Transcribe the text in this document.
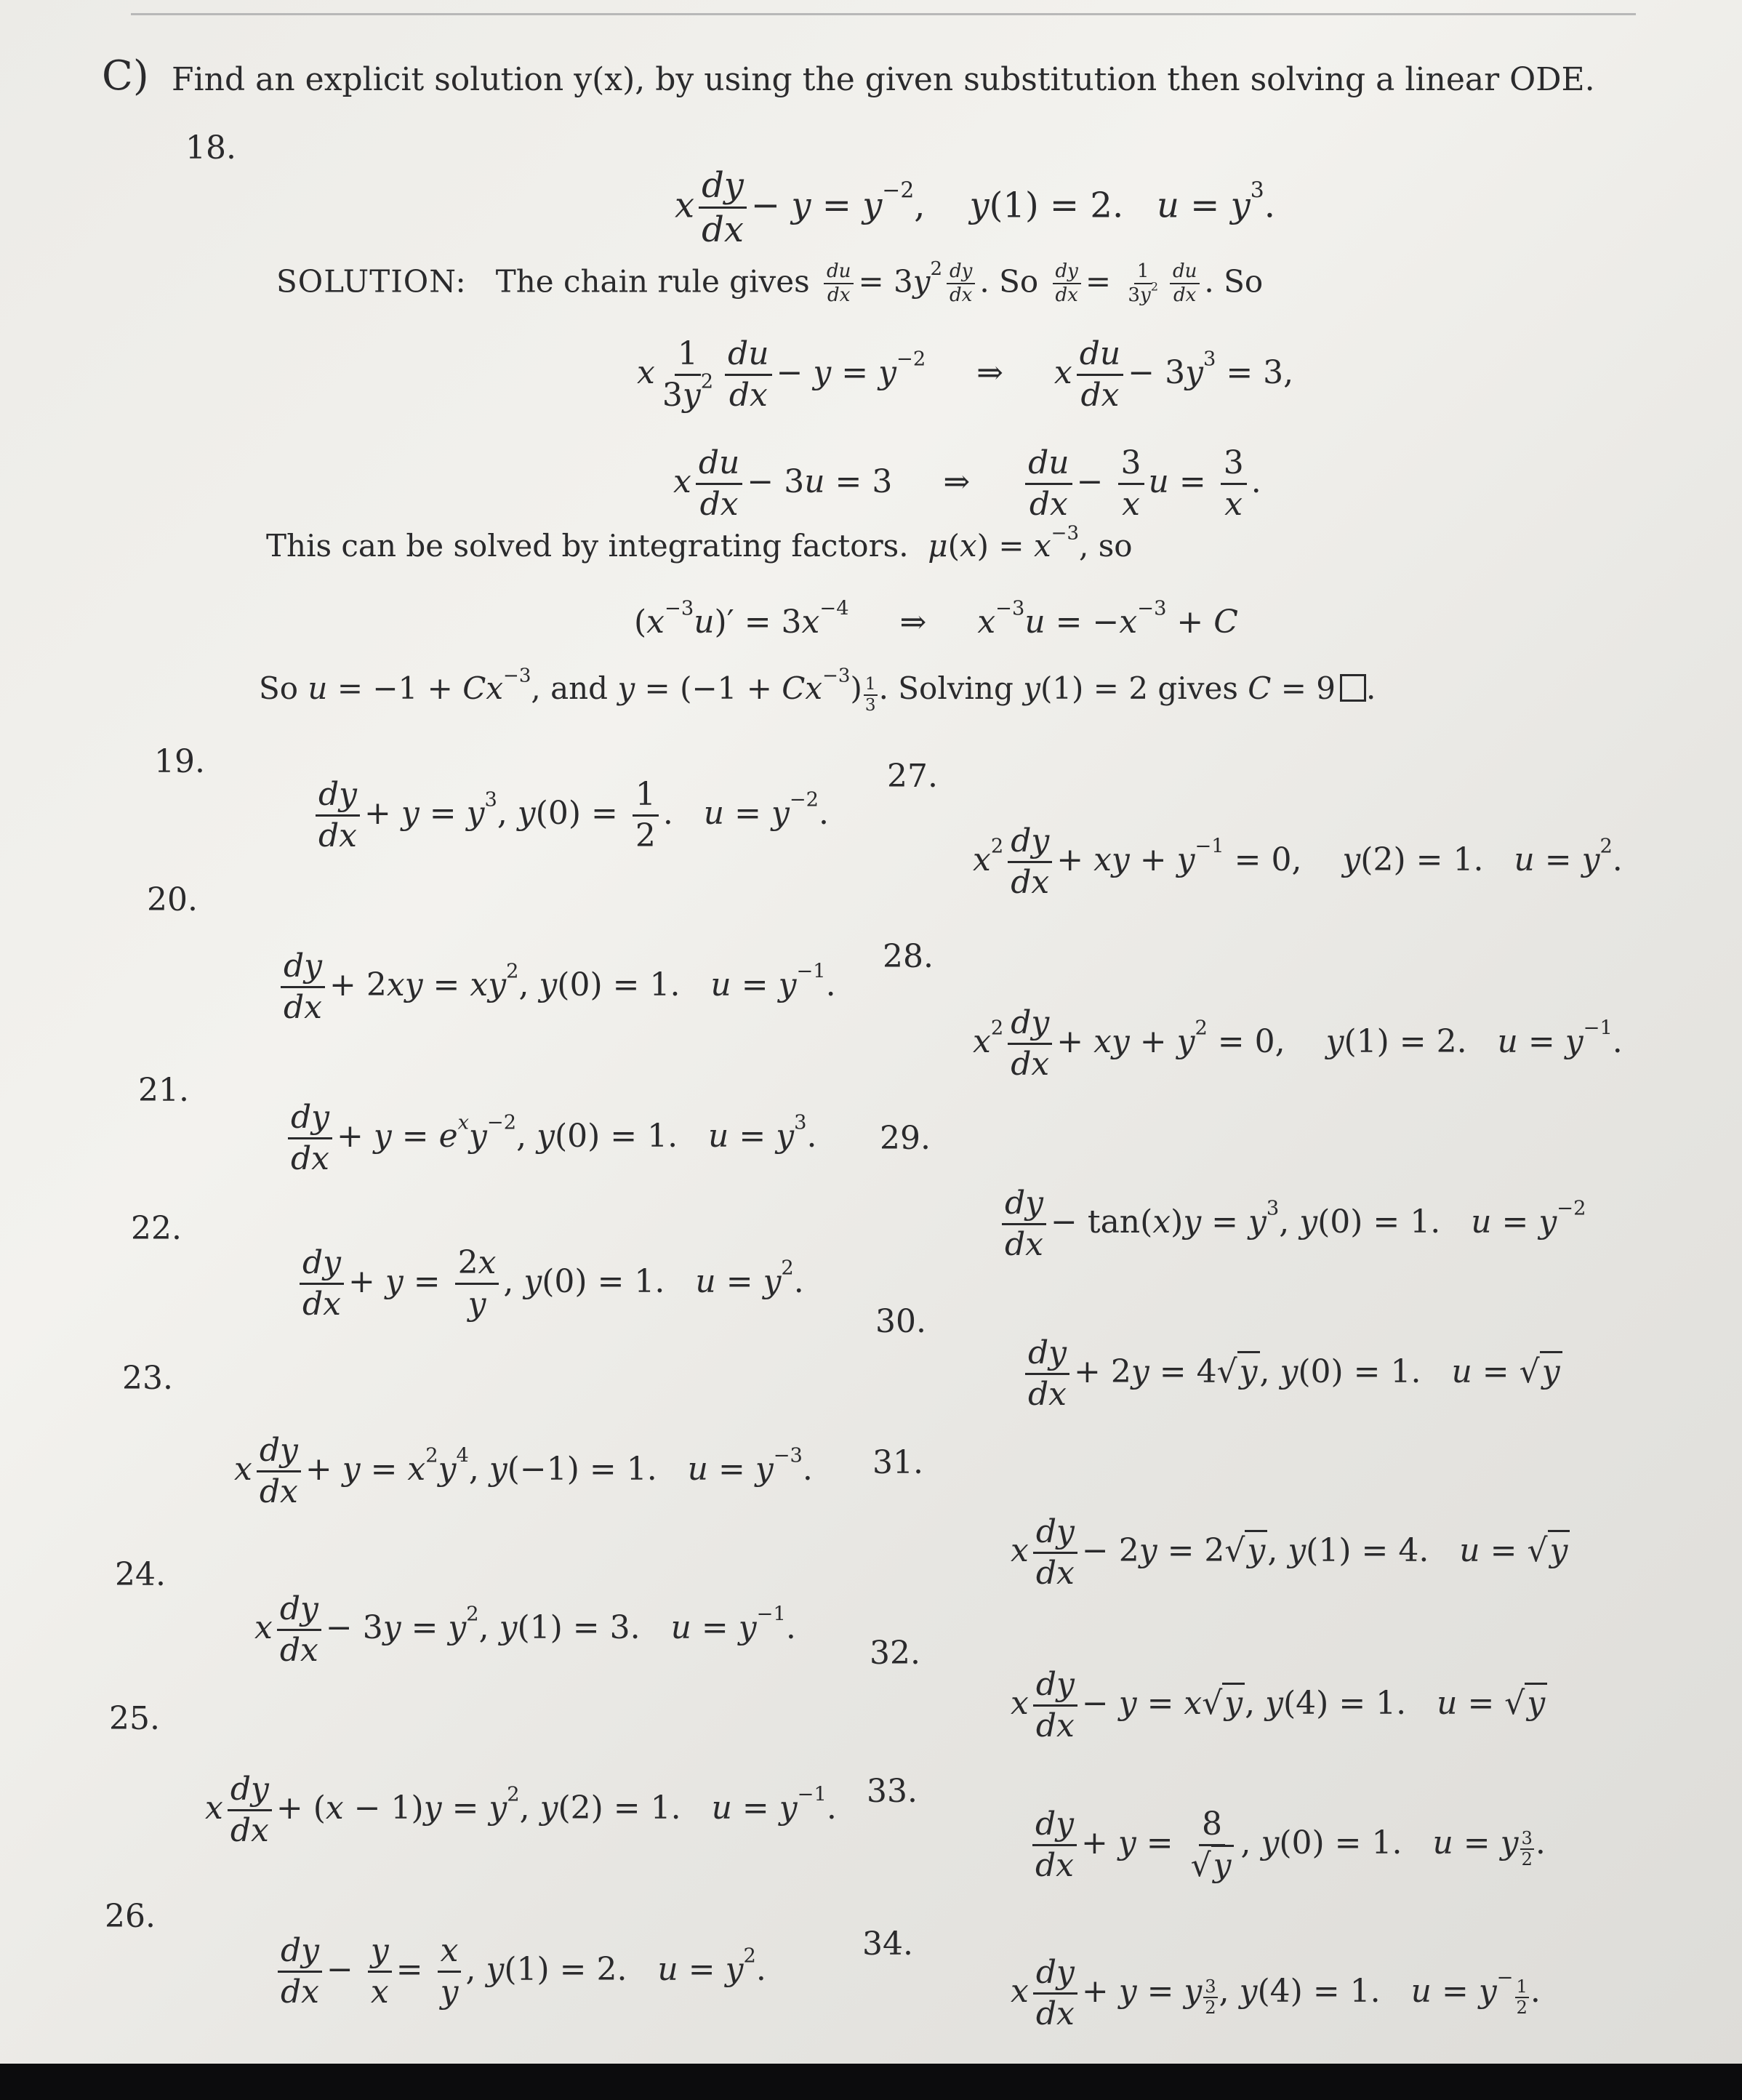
C) Find an explicit solution y(x), by using the given substitution then solving a linear ODE.
18.
x $\frac{dy}{dx} - y = y^{-2}$,    y(1) = 2.   $u = y^3$.
SOLUTION: The chain rule gives $\frac{du}{dx} = 3y^2 \frac{dy}{dx}$ . So $\frac{dy}{dx} = \frac{1}{3y^2} \frac{du}{dx}$ . So
x $\frac{1}{3y^2} \frac{du}{dx} - y = y^{-2}$     ⇒     x $\frac{du}{dx} - 3y^3 = 3$,
x $\frac{du}{dx} - 3u = 3$     ⇒ $\frac{du}{dx} - \frac{3}{x}$ $u = \frac{3}{x}$ .
This can be solved by integrating factors. $\mu(x) = x^{-3}$, so
$(x^{-3}u)' = 3x^{-4}$     ⇒     $x^{-3}u = -x^{-3} + C$
So $u = -1 + Cx^{-3}$, and $y = (-1 + Cx^{-3}) \frac{1}{3}$ . Solving y(1) = 2 gives C = 9 .
19.
20.
21.
22.
23.
24.
25.
26.
27.
28.
29.
30.
31.
32.
33.
34.
$\frac{dy}{dx} + y = y^3$, $y(0) = \frac{1}{2}$ .   $u = y^{-2}$.
$\frac{dy}{dx} + 2xy = xy^2$, y(0) = 1.   $u = y^{-1}$.
$\frac{dy}{dx} + y = e^xy^{-2}$, y(0) = 1.   $u = y^3$.
$\frac{dy}{dx} + y = \frac{2x}{y}$ , y(0) = 1.   $u = y^2$.
x $\frac{dy}{dx} + y = x^2y^4$, y(−1) = 1.   $u = y^{-3}$.
x $\frac{dy}{dx} - 3y = y^2$, y(1) = 3.   $u = y^{-1}$.
x $\frac{dy}{dx} + (x - 1)y = y^2$, y(2) = 1.   $u = y^{-1}$.
$\frac{dy}{dx} - \frac{y}{x} = \frac{x}{y}$ , y(1) = 2.   $u = y^2$.
$x^2 \frac{dy}{dx}$ + xy + $y^{-1} = 0$,    y(2) = 1.   $u = y^2$.
$x^2 \frac{dy}{dx}$ + xy + $y^2 = 0$,    y(1) = 2.   $u = y^{-1}$.
$\frac{dy}{dx} - \tan(x)y = y^3$, y(0) = 1.   $u = y^{-2}$
$\frac{dy}{dx} + 2y = 4√y$, y(0) = 1.   u = √y
x $\frac{dy}{dx} - 2y = 2√y$, y(1) = 4.   u = √y
x $\frac{dy}{dx} - y = x√y$, y(4) = 1.   u = √y
$\frac{dy}{dx} + y = \frac{8}{√y}$ , y(0) = 1.   u = y $\frac{3}{2}$ .
x $\frac{dy}{dx} + y = y \frac{3}{2}$ , y(4) = 1.   $u = y^- \frac{1}{2}$ .
